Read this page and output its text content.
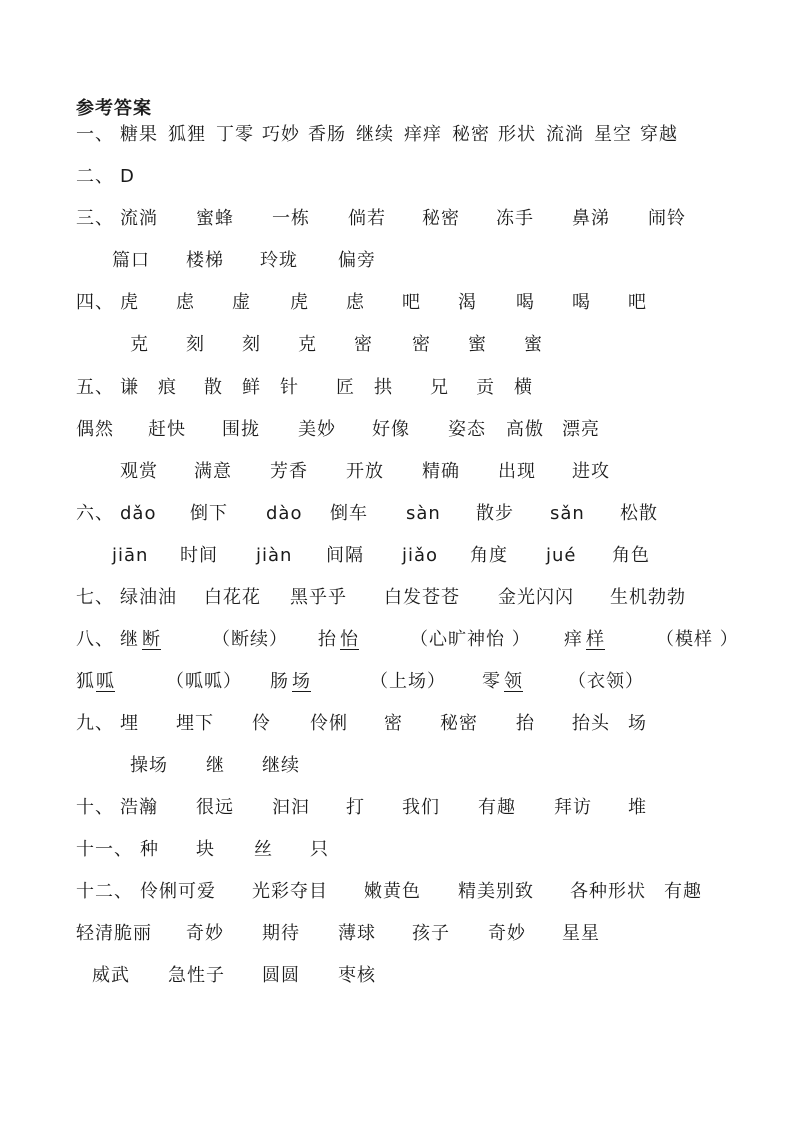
参考答案
一、 糖果 狐狸 丁零 巧妙 香肠 继续 痒痒 秘密 形状 流淌 星空 穿越
二、 D
三、 流淌 蜜蜂 一栋 倘若 秘密 冻手 鼻涕 闹铃
篇口 楼梯 玲珑 偏旁
四、 虎 虑 虚 虎 虑 吧 渴 喝 喝 吧
克 刻 刻 克 密 密 蜜 蜜
五、 谦 痕 散 鲜 针 匠 拱 兄 贡 横
偶然 赶快 围拢 美妙 好像 姿态 高傲 漂亮
观赏 满意 芳香 开放 精确 出现 进攻
六、 dǎo 倒下 dào 倒车 sàn 散步 sǎn 松散
jiān 时间 jiàn 间隔 jiǎo 角度 jué 角色
七、 绿油油 白花花 黑乎乎 白发苍苍 金光闪闪 生机勃勃
八、 继 断	（断续） 抬 怡	（心旷神怡 ） 痒 样	（模样 ）
狐 呱	（呱呱） 肠 场	（上场） 零 领	（衣领）
九、 埋 埋下 伶 伶俐 密 秘密 抬 抬头 场
操场 继 继续
十、 浩瀚 很远 汩汩 打 我们 有趣 拜访 堆
十一、 种 块 丝 只
十二、 伶俐可爱 光彩夺目 嫩黄色 精美别致 各种形状 有趣
轻清脆丽 奇妙 期待 薄球 孩子 奇妙 星星
威武 急性子 圆圆 枣核
